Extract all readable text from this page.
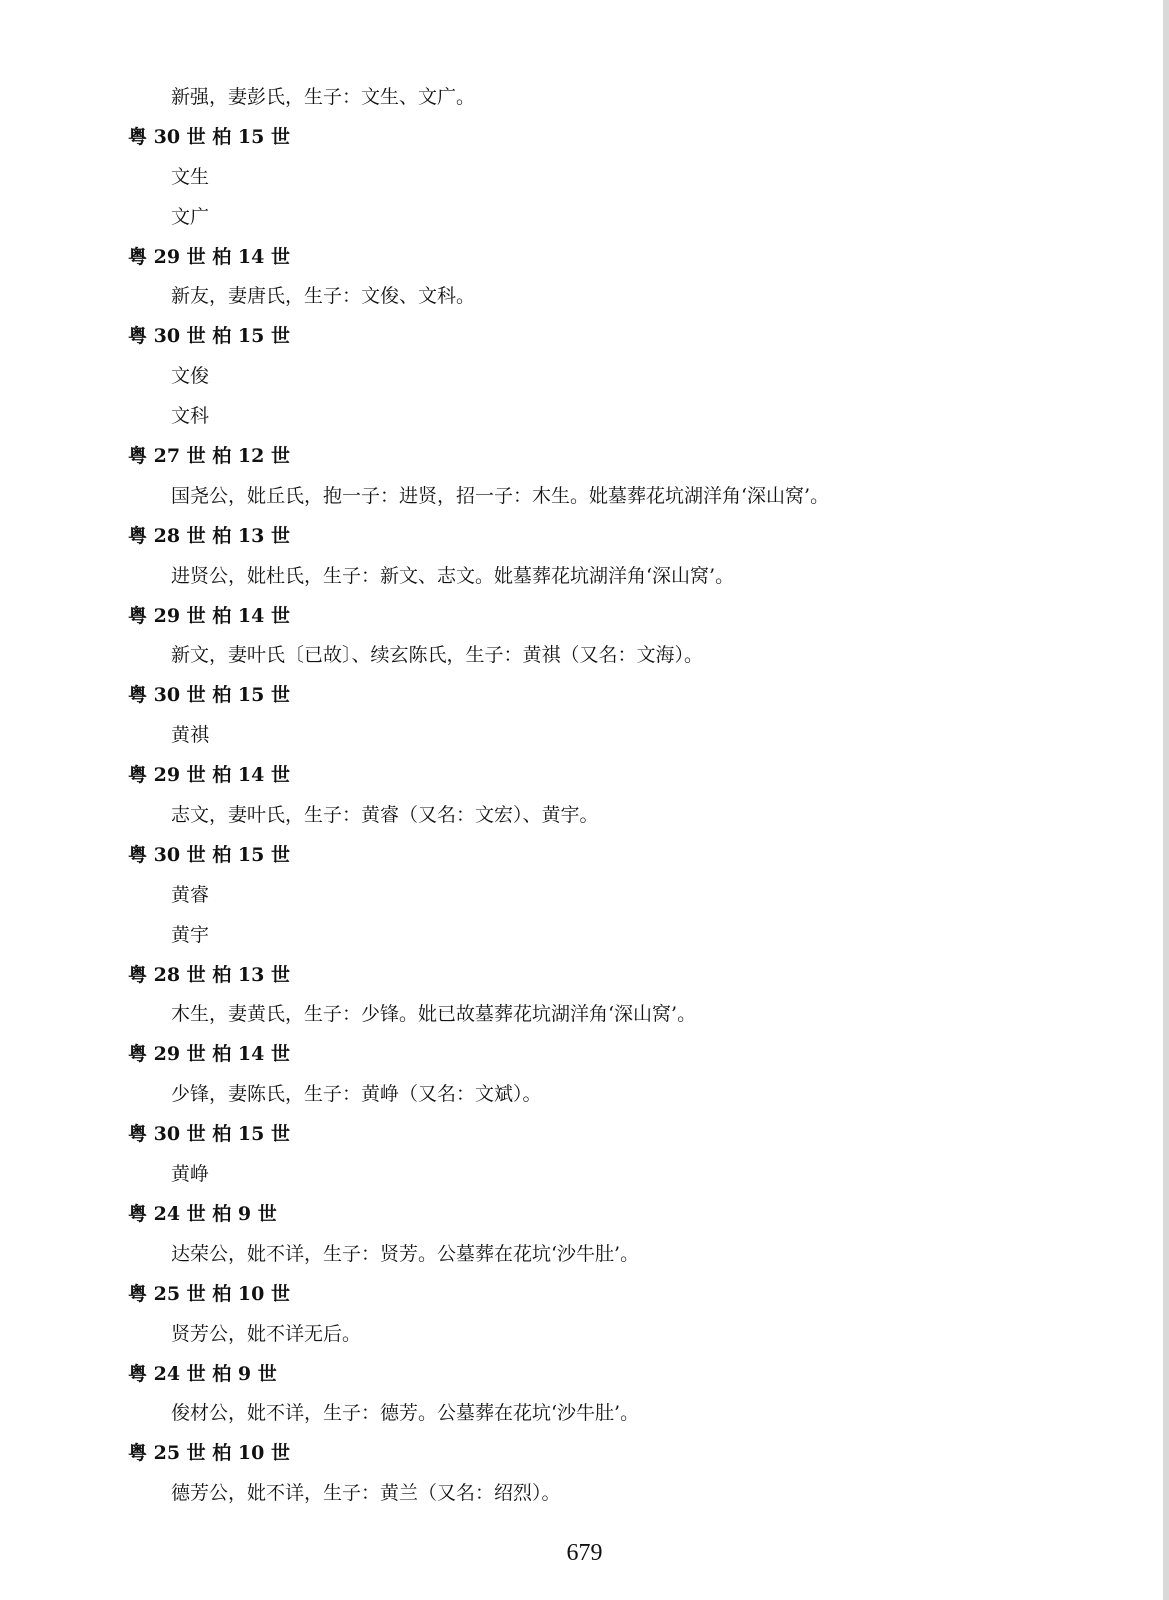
新强，妻彭氏，生子：文生、文广。
粤 30 世 柏 15 世
文生
文广
粤 29 世 柏 14 世
新友，妻唐氏，生子：文俊、文科。
粤 30 世 柏 15 世
文俊
文科
粤 27 世 柏 12 世
国尧公，妣丘氏，抱一子：进贤，招一子：木生。妣墓葬花坑湖洋角‘深山窝’。
粤 28 世 柏 13 世
进贤公，妣杜氏，生子：新文、志文。妣墓葬花坑湖洋角‘深山窝’。
粤 29 世 柏 14 世
新文，妻叶氏〔已故〕、续玄陈氏，生子：黄祺（又名：文海）。
粤 30 世 柏 15 世
黄祺
粤 29 世 柏 14 世
志文，妻叶氏，生子：黄睿（又名：文宏）、黄宇。
粤 30 世 柏 15 世
黄睿
黄宇
粤 28 世 柏 13 世
木生，妻黄氏，生子：少锋。妣已故墓葬花坑湖洋角‘深山窝’。
粤 29 世 柏 14 世
少锋，妻陈氏，生子：黄峥（又名：文斌）。
粤 30 世 柏 15 世
黄峥
粤 24 世 柏 9 世
达荣公，妣不详，生子：贤芳。公墓葬在花坑‘沙牛肚’。
粤 25 世 柏 10 世
贤芳公，妣不详无后。
粤 24 世 柏 9 世
俊材公，妣不详，生子：德芳。公墓葬在花坑‘沙牛肚’。
粤 25 世 柏 10 世
德芳公，妣不详，生子：黄兰（又名：绍烈）。
679
